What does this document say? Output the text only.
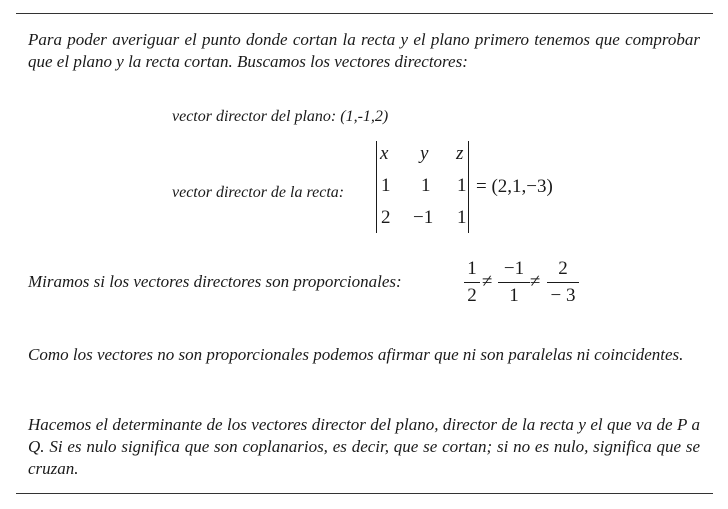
Para poder averiguar el punto donde cortan la recta y el plano primero tenemos que comprobar que el plano y la recta cortan. Buscamos los vectores directores:
vector director del plano: (1,-1,2)
vector director de la recta:
x y z
1 1 1
2 −1 1
= (2,1,−3)
Miramos si los vectores directores son proporcionales:
1
2
≠
−1
1
≠
2
− 3
Como los vectores no son proporcionales podemos afirmar que ni son paralelas ni coincidentes.
Hacemos el determinante de los vectores director del plano, director de la recta y el que va de P a Q. Si es nulo significa que son coplanarios, es decir, que se cortan; si no es nulo, significa que se cruzan.
